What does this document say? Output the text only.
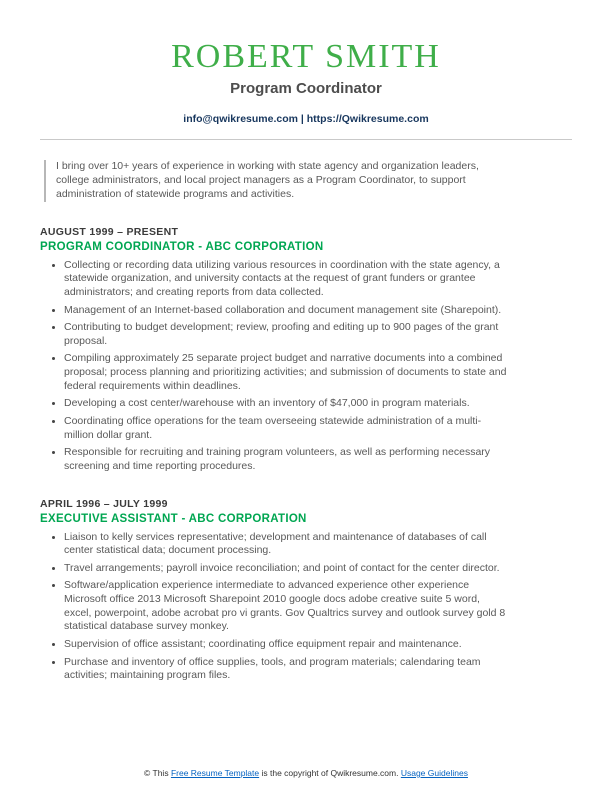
ROBERT SMITH
Program Coordinator
info@qwikresume.com | https://Qwikresume.com

I bring over 10+ years of experience in working with state agency and organization leaders, college administrators, and local project managers as a Program Coordinator, to support administration of statewide programs and activities.

AUGUST 1999 – PRESENT
PROGRAM COORDINATOR - ABC CORPORATION
• Collecting or recording data utilizing various resources in coordination with the state agency, a statewide organization, and university contacts at the request of grant funders or grantee administrators; and creating reports from data collected.
• Management of an Internet-based collaboration and document management site (Sharepoint).
• Contributing to budget development; review, proofing and editing up to 900 pages of the grant proposal.
• Compiling approximately 25 separate project budget and narrative documents into a combined proposal; process planning and prioritizing activities; and submission of documents to state and federal requirements within deadlines.
• Developing a cost center/warehouse with an inventory of $47,000 in program materials.
• Coordinating office operations for the team overseeing statewide administration of a multi-million dollar grant.
• Responsible for recruiting and training program volunteers, as well as performing necessary screening and time reporting procedures.
APRIL 1996 – JULY 1999
EXECUTIVE ASSISTANT - ABC CORPORATION
• Liaison to kelly services representative; development and maintenance of databases of call center statistical data; document processing.
• Travel arrangements; payroll invoice reconciliation; and point of contact for the center director.
• Software/application experience intermediate to advanced experience other experience Microsoft office 2013 Microsoft Sharepoint 2010 google docs adobe creative suite 5 word, excel, powerpoint, adobe acrobat pro vi grants. Gov Qualtrics survey and outlook survey gold 8 statistical database survey monkey.
• Supervision of office assistant; coordinating office equipment repair and maintenance.
• Purchase and inventory of office supplies, tools, and program materials; calendaring team activities; maintaining program files.
© This Free Resume Template is the copyright of Qwikresume.com. Usage Guidelines
